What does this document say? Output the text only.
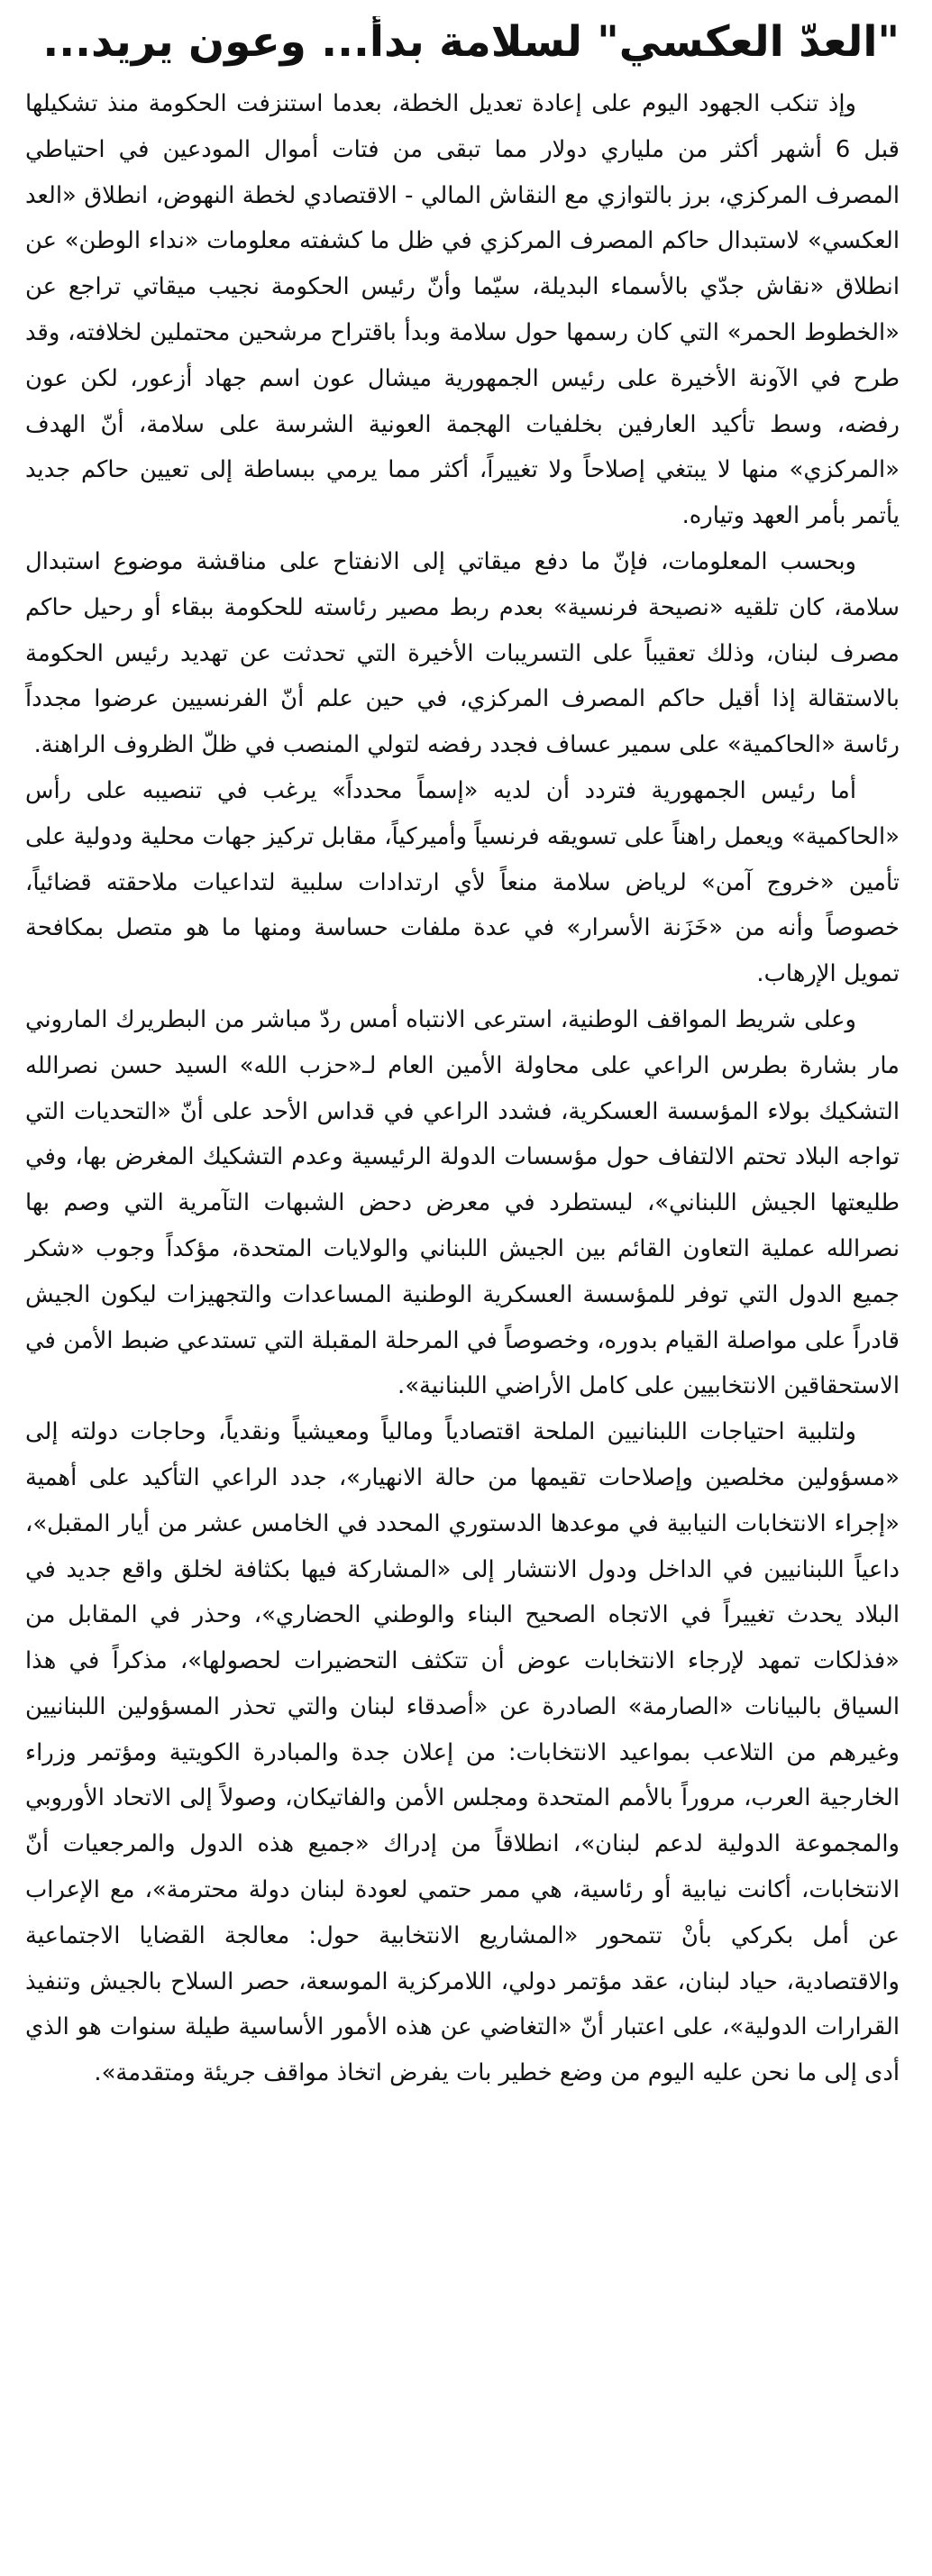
"العدّ العكسي" لسلامة بدأ... وعون يريد...

وإذ تنكب الجهود اليوم على إعادة تعديل الخطة، بعدما استنزفت الحكومة منذ تشكيلها قبل 6 أشهر أكثر من ملياري دولار مما تبقى من فتات أموال المودعين في احتياطي المصرف المركزي، برز بالتوازي مع النقاش المالي - الاقتصادي لخطة النهوض، انطلاق «العد العكسي» لاستبدال حاكم المصرف المركزي في ظل ما كشفته معلومات «نداء الوطن» عن انطلاق «نقاش جدّي بالأسماء البديلة، سيّما وأنّ رئيس الحكومة نجيب ميقاتي تراجع عن «الخطوط الحمر» التي كان رسمها حول سلامة وبدأ باقتراح مرشحين محتملين لخلافته، وقد طرح في الآونة الأخيرة على رئيس الجمهورية ميشال عون اسم جهاد أزعور، لكن عون رفضه، وسط تأكيد العارفين بخلفيات الهجمة العونية الشرسة على سلامة، أنّ الهدف «المركزي» منها لا يبتغي إصلاحاً ولا تغييراً، أكثر مما يرمي ببساطة إلى تعيين حاكم جديد يأتمر بأمر العهد وتياره.

وبحسب المعلومات، فإنّ ما دفع ميقاتي إلى الانفتاح على مناقشة موضوع استبدال سلامة، كان تلقيه «نصيحة فرنسية» بعدم ربط مصير رئاسته للحكومة ببقاء أو رحيل حاكم مصرف لبنان، وذلك تعقيباً على التسريبات الأخيرة التي تحدثت عن تهديد رئيس الحكومة بالاستقالة إذا أقيل حاكم المصرف المركزي، في حين علم أنّ الفرنسيين عرضوا مجدداً رئاسة «الحاكمية» على سمير عساف فجدد رفضه لتولي المنصب في ظلّ الظروف الراهنة.

أما رئيس الجمهورية فتردد أن لديه «إسماً محدداً» يرغب في تنصيبه على رأس «الحاكمية» ويعمل راهناً على تسويقه فرنسياً وأميركياً، مقابل تركيز جهات محلية ودولية على تأمين «خروج آمن» لرياض سلامة منعاً لأي ارتدادات سلبية لتداعيات ملاحقته قضائياً، خصوصاً وأنه من «خَزَنة الأسرار» في عدة ملفات حساسة ومنها ما هو متصل بمكافحة تمويل الإرهاب.

وعلى شريط المواقف الوطنية، استرعى الانتباه أمس ردّ مباشر من البطريرك الماروني مار بشارة بطرس الراعي على محاولة الأمين العام لـ«حزب الله» السيد حسن نصرالله التشكيك بولاء المؤسسة العسكرية، فشدد الراعي في قداس الأحد على أنّ «التحديات التي تواجه البلاد تحتم الالتفاف حول مؤسسات الدولة الرئيسية وعدم التشكيك المغرض بها، وفي طليعتها الجيش اللبناني»، ليستطرد في معرض دحض الشبهات التآمرية التي وصم بها نصرالله عملية التعاون القائم بين الجيش اللبناني والولايات المتحدة، مؤكداً وجوب «شكر جميع الدول التي توفر للمؤسسة العسكرية الوطنية المساعدات والتجهيزات ليكون الجيش قادراً على مواصلة القيام بدوره، وخصوصاً في المرحلة المقبلة التي تستدعي ضبط الأمن في الاستحقاقين الانتخابيين على كامل الأراضي اللبنانية».

ولتلبية احتياجات اللبنانيين الملحة اقتصادياً ومالياً ومعيشياً ونقدياً، وحاجات دولته إلى «مسؤولين مخلصين وإصلاحات تقيمها من حالة الانهيار»، جدد الراعي التأكيد على أهمية «إجراء الانتخابات النيابية في موعدها الدستوري المحدد في الخامس عشر من أيار المقبل»، داعياً اللبنانيين في الداخل ودول الانتشار إلى «المشاركة فيها بكثافة لخلق واقع جديد في البلاد يحدث تغييراً في الاتجاه الصحيح البناء والوطني الحضاري»، وحذر في المقابل من «فذلكات تمهد لإرجاء الانتخابات عوض أن تتكثف التحضيرات لحصولها»، مذكراً في هذا السياق بالبيانات «الصارمة» الصادرة عن «أصدقاء لبنان والتي تحذر المسؤولين اللبنانيين وغيرهم من التلاعب بمواعيد الانتخابات: من إعلان جدة والمبادرة الكويتية ومؤتمر وزراء الخارجية العرب، مروراً بالأمم المتحدة ومجلس الأمن والفاتيكان، وصولاً إلى الاتحاد الأوروبي والمجموعة الدولية لدعم لبنان»، انطلاقاً من إدراك «جميع هذه الدول والمرجعيات أنّ الانتخابات، أكانت نيابية أو رئاسية، هي ممر حتمي لعودة لبنان دولة محترمة»، مع الإعراب عن أمل بكركي بأنْ تتمحور «المشاريع الانتخابية حول: معالجة القضايا الاجتماعية والاقتصادية، حياد لبنان، عقد مؤتمر دولي، اللامركزية الموسعة، حصر السلاح بالجيش وتنفيذ القرارات الدولية»، على اعتبار أنّ «التغاضي عن هذه الأمور الأساسية طيلة سنوات هو الذي أدى إلى ما نحن عليه اليوم من وضع خطير بات يفرض اتخاذ مواقف جريئة ومتقدمة».
